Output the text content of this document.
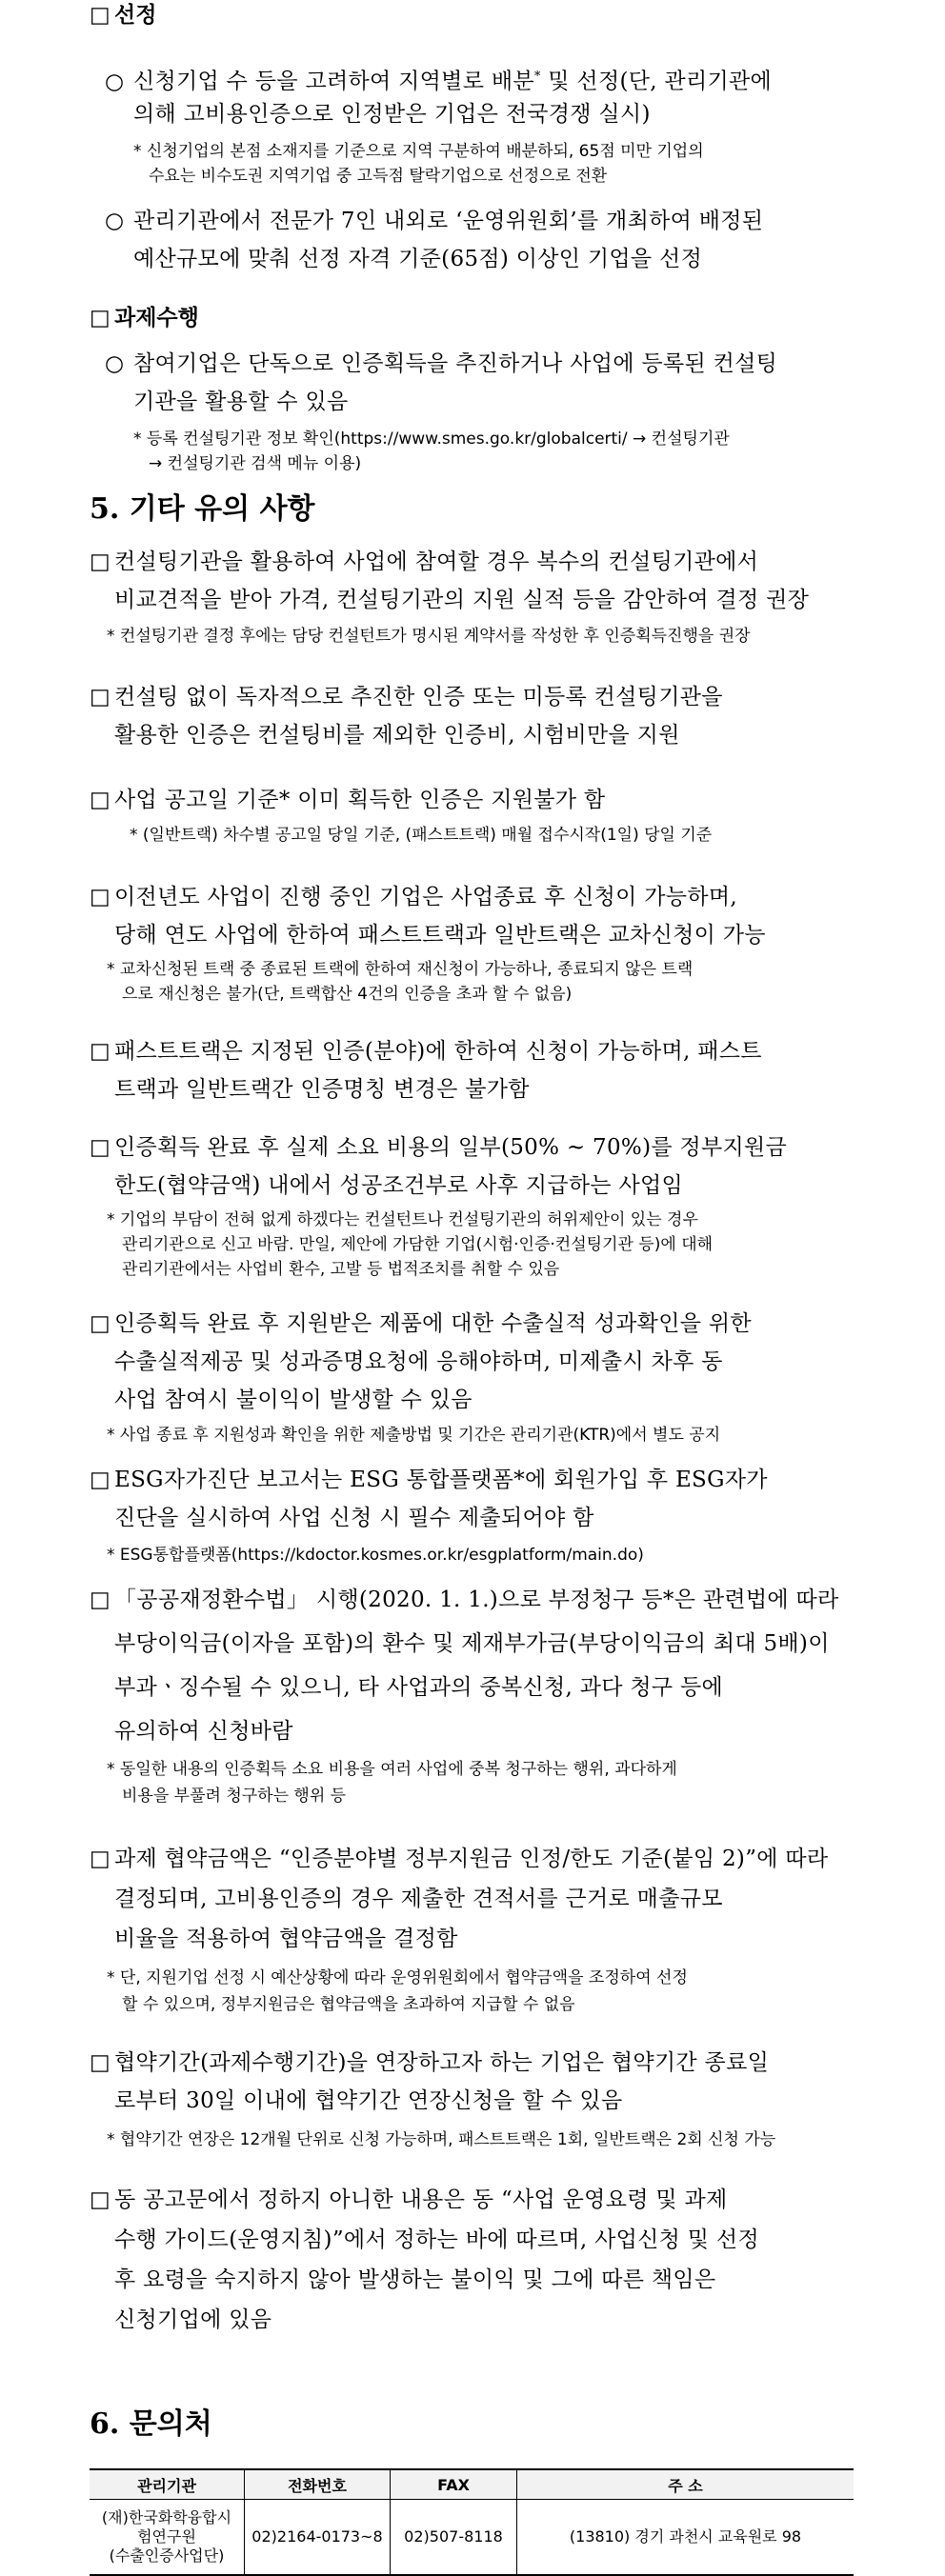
□ 선정
○ 신청기업 수 등을 고려하여 지역별로 배분* 및 선정(단, 관리기관에
의해 고비용인증으로 인정받은 기업은 전국경쟁 실시)
* 신청기업의 본점 소재지를 기준으로 지역 구분하여 배분하되, 65점 미만 기업의
수요는 비수도권 지역기업 중 고득점 탈락기업으로 선정으로 전환
○ 관리기관에서 전문가 7인 내외로 ‘운영위원회’를 개최하여 배정된
예산규모에 맞춰 선정 자격 기준(65점) 이상인 기업을 선정
□ 과제수행
○ 참여기업은 단독으로 인증획득을 추진하거나 사업에 등록된 컨설팅
기관을 활용할 수 있음
* 등록 컨설팅기관 정보 확인(https://www.smes.go.kr/globalcerti/ → 컨설팅기관
→ 컨설팅기관 검색 메뉴 이용)
5. 기타 유의 사항
□ 컨설팅기관을 활용하여 사업에 참여할 경우 복수의 컨설팅기관에서
비교견적을 받아 가격, 컨설팅기관의 지원 실적 등을 감안하여 결정 권장
* 컨설팅기관 결정 후에는 담당 컨설턴트가 명시된 계약서를 작성한 후 인증획득진행을 권장
□ 컨설팅 없이 독자적으로 추진한 인증 또는 미등록 컨설팅기관을
활용한 인증은 컨설팅비를 제외한 인증비, 시험비만을 지원
□ 사업 공고일 기준* 이미 획득한 인증은 지원불가 함
* (일반트랙) 차수별 공고일 당일 기준, (패스트트랙) 매월 접수시작(1일) 당일 기준
□ 이전년도 사업이 진행 중인 기업은 사업종료 후 신청이 가능하며,
당해 연도 사업에 한하여 패스트트랙과 일반트랙은 교차신청이 가능
* 교차신청된 트랙 중 종료된 트랙에 한하여 재신청이 가능하나, 종료되지 않은 트랙
으로 재신청은 불가(단, 트랙합산 4건의 인증을 초과 할 수 없음)
□ 패스트트랙은 지정된 인증(분야)에 한하여 신청이 가능하며, 패스트
트랙과 일반트랙간 인증명칭 변경은 불가함
□ 인증획득 완료 후 실제 소요 비용의 일부(50% ~ 70%)를 정부지원금
한도(협약금액) 내에서 성공조건부로 사후 지급하는 사업임
* 기업의 부담이 전혀 없게 하겠다는 컨설턴트나 컨설팅기관의 허위제안이 있는 경우
관리기관으로 신고 바람. 만일, 제안에 가담한 기업(시험·인증·컨설팅기관 등)에 대해
관리기관에서는 사업비 환수, 고발 등 법적조치를 취할 수 있음
□ 인증획득 완료 후 지원받은 제품에 대한 수출실적 성과확인을 위한
수출실적제공 및 성과증명요청에 응해야하며, 미제출시 차후 동
사업 참여시 불이익이 발생할 수 있음
* 사업 종료 후 지원성과 확인을 위한 제출방법 및 기간은 관리기관(KTR)에서 별도 공지
□ ESG자가진단 보고서는 ESG 통합플랫폼*에 회원가입 후 ESG자가
진단을 실시하여 사업 신청 시 필수 제출되어야 함
* ESG통합플랫폼(https://kdoctor.kosmes.or.kr/esgplatform/main.do)
□ 「공공재정환수법」 시행(2020. 1. 1.)으로 부정청구 등*은 관련법에 따라
부당이익금(이자을 포함)의 환수 및 제재부가금(부당이익금의 최대 5배)이
부과ㆍ징수될 수 있으니, 타 사업과의 중복신청, 과다 청구 등에
유의하여 신청바람
* 동일한 내용의 인증획득 소요 비용을 여러 사업에 중복 청구하는 행위, 과다하게
비용을 부풀려 청구하는 행위 등
□ 과제 협약금액은 “인증분야별 정부지원금 인정/한도 기준(붙임 2)”에 따라
결정되며, 고비용인증의 경우 제출한 견적서를 근거로 매출규모
비율을 적용하여 협약금액을 결정함
* 단, 지원기업 선정 시 예산상황에 따라 운영위원회에서 협약금액을 조정하여 선정
할 수 있으며, 정부지원금은 협약금액을 초과하여 지급할 수 없음
□ 협약기간(과제수행기간)을 연장하고자 하는 기업은 협약기간 종료일
로부터 30일 이내에 협약기간 연장신청을 할 수 있음
* 협약기간 연장은 12개월 단위로 신청 가능하며, 패스트트랙은 1회, 일반트랙은 2회 신청 가능
□ 동 공고문에서 정하지 아니한 내용은 동 “사업 운영요령 및 과제
수행 가이드(운영지침)”에서 정하는 바에 따르며, 사업신청 및 선정
후 요령을 숙지하지 않아 발생하는 불이익 및 그에 따른 책임은
신청기업에 있음
6. 문의처
관리기관	전화번호	FAX	주 소

(재)한국화학융합시
험연구원
(수출인증사업단)	02)2164-0173~8	02)507-8118	(13810) 경기 과천시 교육원로 98
